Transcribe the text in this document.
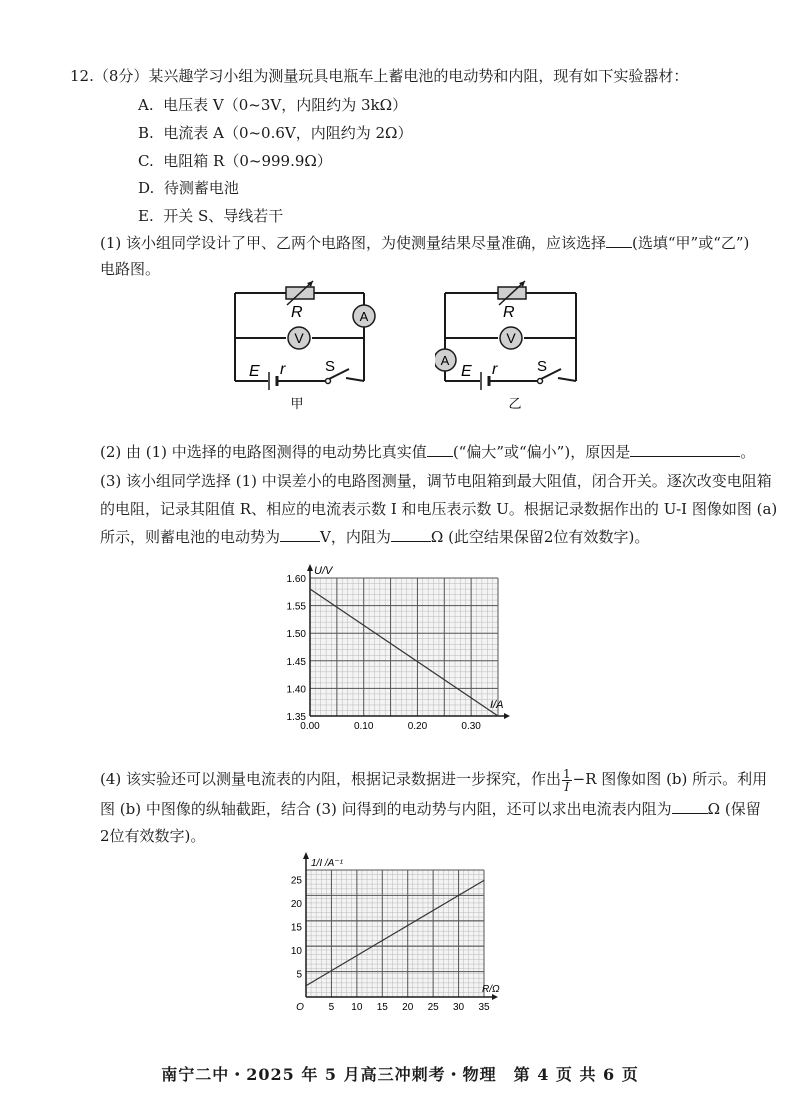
12.（8分）某兴趣学习小组为测量玩具电瓶车上蓄电池的电动势和内阻，现有如下实验器材：
A. 电压表 V（0~3V，内阻约为 3kΩ）
B. 电流表 A（0~0.6V，内阻约为 2Ω）
C. 电阻箱 R（0~999.9Ω）
D. 待测蓄电池
E. 开关 S、导线若干
(1) 该小组同学设计了甲、乙两个电路图，为使测量结果尽量准确，应该选择 (选填“甲”或“乙”)
电路图。
V
A
R
E r	S
甲
V
A
R
E r	S
乙
(2) 由 (1) 中选择的电路图测得的电动势比真实值 (“偏大”或“偏小”)，原因是	。
(3) 该小组同学选择 (1) 中误差小的电路图测量，调节电阻箱到最大阻值，闭合开关。逐次改变电阻箱
的电阻，记录其阻值 R、相应的电流表示数 I 和电压表示数 U。根据记录数据作出的 U-I 图像如图 (a)
所示，则蓄电池的电动势为	V，内阻为	Ω (此空结果保留2位有效数字)。
0.00	0.10	0.20	0.30
1.35
1.40
1.45
1.50
1.55
1.60
U/V
I/A
(4) 该实验还可以测量电流表的内阻，根据记录数据进一步探究，作出 $\frac{1}{I} -R$ 图像如图 (b) 所示。利用
图 (b) 中图像的纵轴截距，结合 (3) 问得到的电动势与内阻，还可以求出电流表内阻为 Ω (保留
2位有效数字)。
O 5 10 15 20 25 30 35
5
10
15
20
25
1/I /A⁻¹
R/Ω
南宁二中・2025 年 5 月高三冲刺考・物理　第 4 页 共 6 页
